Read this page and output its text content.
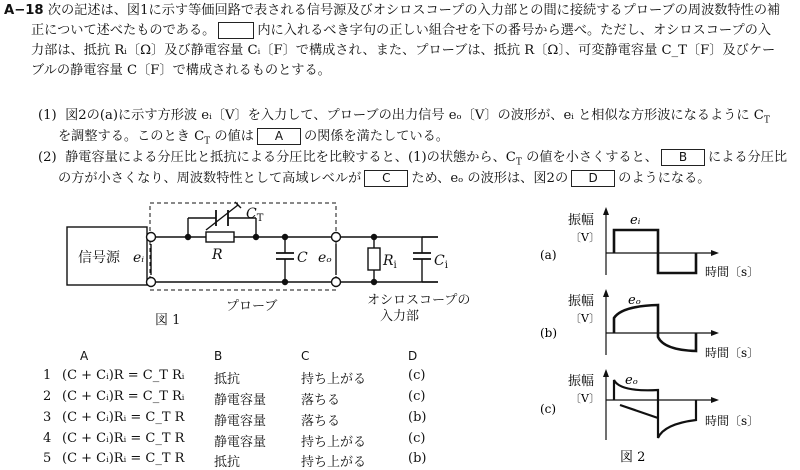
A−18 次の記述は、図1に示す等価回路で表される信号源及びオシロスコープの入力部との間に接続するプローブの周波数特性の補
正について述べたものである。	内に入れるべき字句の正しい組合せを下の番号から選べ。ただし、オシロスコープの入
力部は、抵抗 Rᵢ〔Ω〕及び静電容量 Cᵢ〔F〕で構成され、また、プローブは、抵抗 R〔Ω〕、可変静電容量 C_T〔F〕及びケー
ブルの静電容量 C〔F〕で構成されるものとする。
(1) 図2の(a)に示す方形波 eᵢ〔V〕を入力して、プローブの出力信号 eₒ〔V〕の波形が、eᵢ と相似な方形波になるように $C_T$
を調整する。このとき $C_T$ の値は A の関係を満たしている。
(2) 静電容量による分圧比と抵抗による分圧比を比較すると、(1)の状態から、$C_T$ の値を小さくすると、 B による分圧比
の方が小さくなり、周波数特性として高域レベルが C ため、eₒ の波形は、図2の D のようになる。
信号源 eᵢ	eₒ
$C_T$
R	C	$R_i$	$C_i$
プローブ	オシロスコープの
入力部
図 1
振幅
〔V〕
eᵢ
時間〔s〕
(a)
振幅
〔V〕
eₒ
時間〔s〕
(b)
振幅
〔V〕
eₒ
時間〔s〕
(c)
図 2
A	B	C	D
1 (C + Cᵢ)R = C_T Rᵢ 抵抗	持ち上がる	(c)
2 (C + Cᵢ)R = C_T Rᵢ 静電容量	落ちる	(c)
3 (C + Cᵢ)Rᵢ = C_T R 静電容量	落ちる	(b)
4 (C + Cᵢ)Rᵢ = C_T R 静電容量	持ち上がる	(c)
5 (C + Cᵢ)Rᵢ = C_T R 抵抗	持ち上がる	(b)
